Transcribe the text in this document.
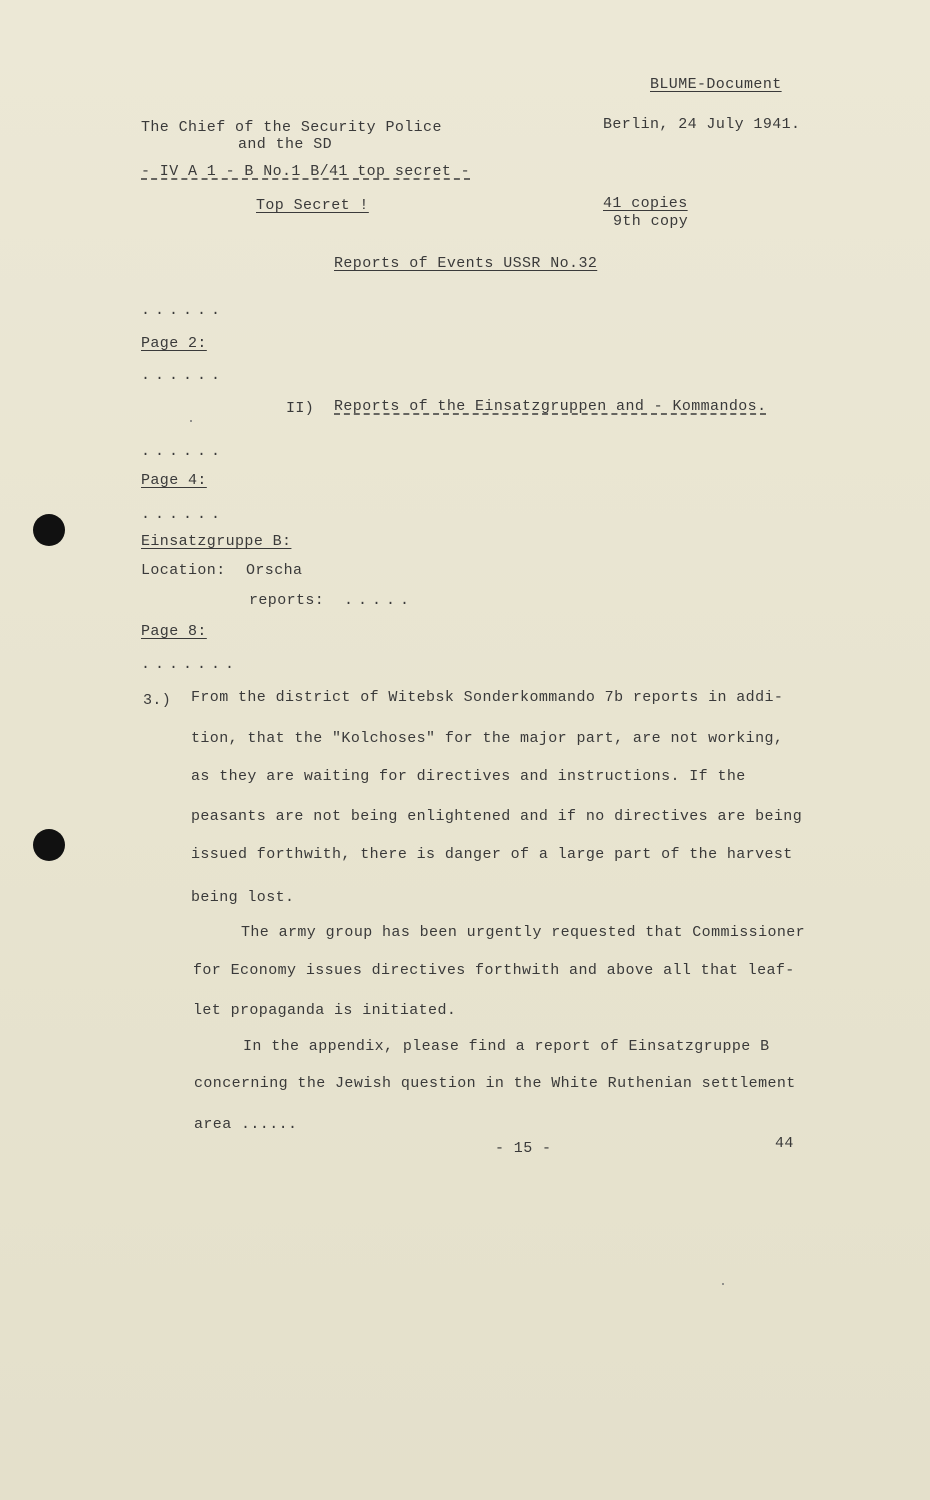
BLUME-Document
The Chief of the Security Police
and the SD
Berlin, 24 July 1941.
- IV A 1 - B No.1 B/41 top secret -
Top Secret !	41 copies
9th copy
Reports of Events USSR No.32
......
Page 2:
......
II) Reports of the Einsatzgruppen and - Kommandos.
......
Page 4:
......
Einsatzgruppe B:
Location: Orscha
reports: .....
Page 8:
.......
3.) From the district of Witebsk Sonderkommando 7b reports in addi-
tion, that the "Kolchoses" for the major part, are not working,
as they are waiting for directives and instructions. If the
peasants are not being enlightened and if no directives are being
issued forthwith, there is danger of a large part of the harvest
being lost.
The army group has been urgently requested that Commissioner
for Economy issues directives forthwith and above all that leaf-
let propaganda is initiated.
In the appendix, please find a report of Einsatzgruppe B
concerning the Jewish question in the White Ruthenian settlement
area ......
- 15 -	44
